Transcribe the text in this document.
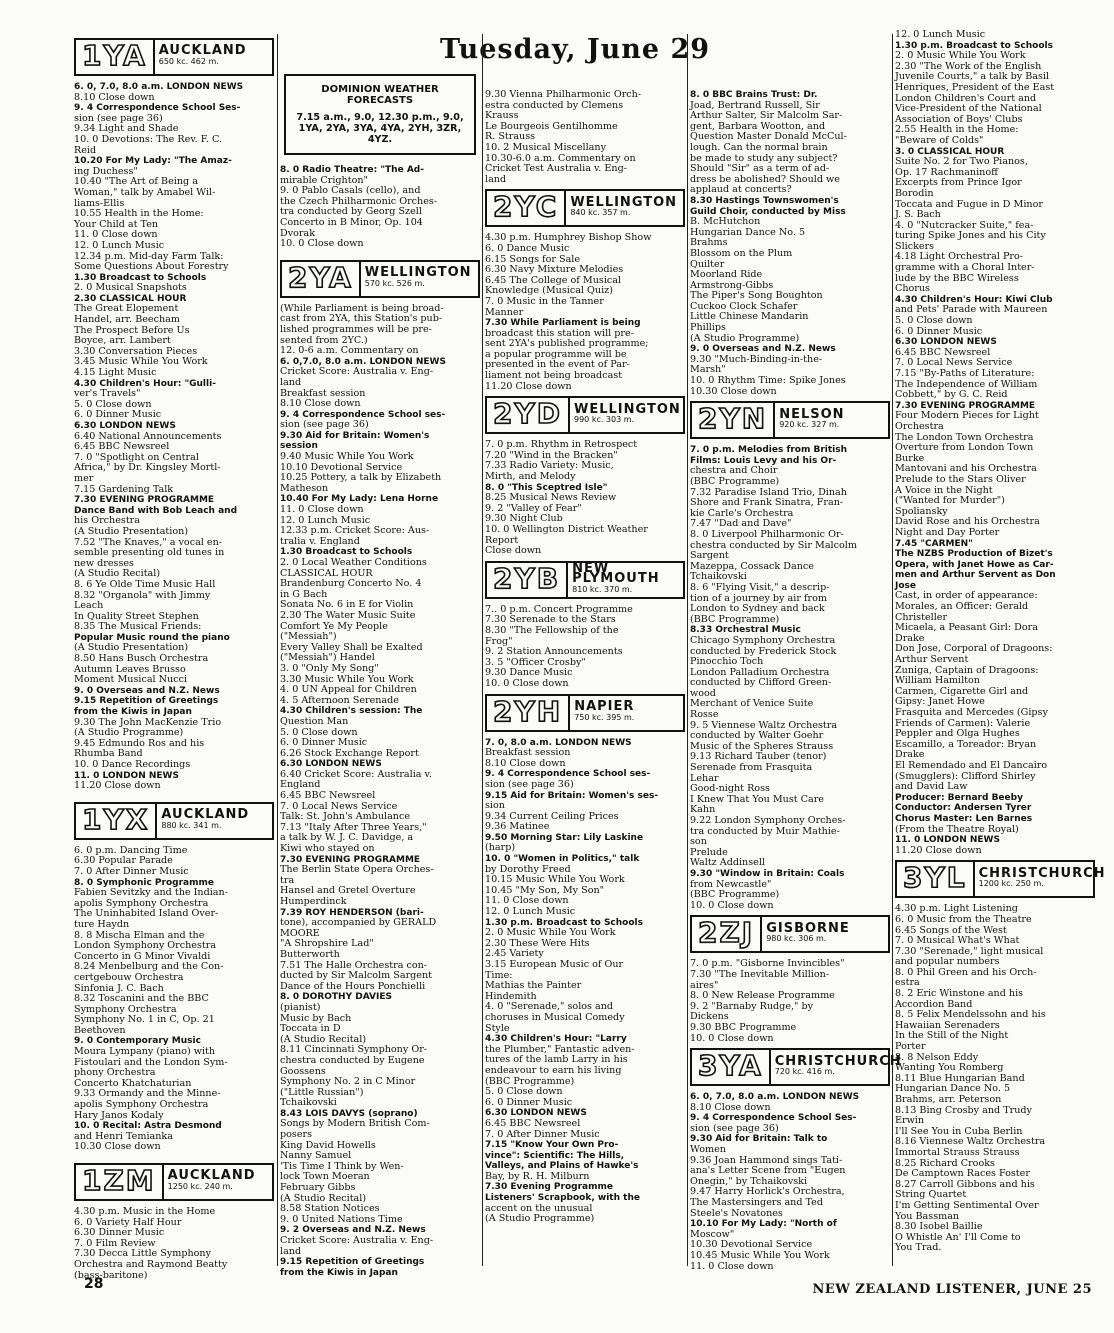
Tuesday, June 29
1YA AUCKLAND
650 kc. 462 m.
6. 0, 7.0, 8.0 a.m. LONDON NEWS
8.10 Close down
9. 4 Correspondence School Ses-
sion (see page 36)
9.34 Light and Shade
10. 0 Devotions: The Rev. F. C.
Reid
10.20 For My Lady: "The Amaz-
ing Duchess"
10.40 "The Art of Being a
Woman," talk by Amabel Wil-
liams-Ellis
10.55 Health in the Home:
Your Child at Ten
11. 0 Close down
12. 0 Lunch Music
12.34 p.m. Mid-day Farm Talk:
Some Questions About Forestry
1.30 Broadcast to Schools
2. 0 Musical Snapshots
2.30 CLASSICAL HOUR
The Great Elopement
Handel, arr. Beecham
The Prospect Before Us
Boyce, arr. Lambert
3.30 Conversation Pieces
3.45 Music While You Work
4.15 Light Music
4.30 Children's Hour: "Gulli-
ver's Travels"
5. 0 Close down
6. 0 Dinner Music
6.30 LONDON NEWS
6.40 National Announcements
6.45 BBC Newsreel
7. 0 "Spotlight on Central
Africa," by Dr. Kingsley Mortl-
mer
7.15 Gardening Talk
7.30 EVENING PROGRAMME
Dance Band with Bob Leach and
his Orchestra
(A Studio Presentation)
7.52 "The Knaves," a vocal en-
semble presenting old tunes in
new dresses
(A Studio Recital)
8. 6 Ye Olde Time Music Hall
8.32 "Organola" with Jimmy
Leach
In Quality Street Stephen
8.35 The Musical Friends:
Popular Music round the piano
(A Studio Presentation)
8.50 Hans Busch Orchestra
Autumn Leaves Brusso
Moment Musical Nucci
9. 0 Overseas and N.Z. News
9.15 Repetition of Greetings
from the Kiwis in Japan
9.30 The John MacKenzie Trio
(A Studio Programme)
9.45 Edmundo Ros and his
Rhumba Band
10. 0 Dance Recordings
11. 0 LONDON NEWS
11.20 Close down
1YX AUCKLAND
880 kc. 341 m.
6. 0 p.m. Dancing Time
6.30 Popular Parade
7. 0 After Dinner Music
8. 0 Symphonic Programme
Fabien Sevitzky and the Indian-
apolis Symphony Orchestra
The Uninhabited Island Over-
ture Haydn
8. 8 Mischa Elman and the
London Symphony Orchestra
Concerto in G Minor Vivaldi
8.24 Menbelburg and the Con-
certgebouw Orchestra
Sinfonia J. C. Bach
8.32 Toscanini and the BBC
Symphony Orchestra
Symphony No. 1 in C, Op. 21
Beethoven
9. 0 Contemporary Music
Moura Lympany (piano) with
Fistoulari and the London Sym-
phony Orchestra
Concerto Khatchaturian
9.33 Ormandy and the Minne-
apolis Symphony Orchestra
Hary Janos Kodaly
10. 0 Recital: Astra Desmond
and Henri Temianka
10.30 Close down
1ZM AUCKLAND
1250 kc. 240 m.
4.30 p.m. Music in the Home
6. 0 Variety Half Hour
6.30 Dinner Music
7. 0 Film Review
7.30 Decca Little Symphony
Orchestra and Raymond Beatty
(bass-baritone)
DOMINION WEATHER FORECASTS
7.15 a.m., 9.0, 12.30 p.m., 9.0, 1YA, 2YA, 3YA, 4YA, 2YH, 3ZR, 4YZ.
8. 0 Radio Theatre: "The Ad-
mirable Crighton"
9. 0 Pablo Casals (cello), and
the Czech Philharmonic Orches-
tra conducted by Georg Szell
Concerto in B Minor, Op. 104
Dvorak
10. 0 Close down
2YA WELLINGTON
570 kc. 526 m.
(While Parliament is being broad-
cast from 2YA, this Station's pub-
lished programmes will be pre-
sented from 2YC.)
12. 0-6 a.m. Commentary on
6. 0,7.0, 8.0 a.m. LONDON NEWS
Cricket Score: Australia v. Eng-
land
Breakfast session
8.10 Close down
9. 4 Correspondence School ses-
sion (see page 36)
9.30 Aid for Britain: Women's
session
9.40 Music While You Work
10.10 Devotional Service
10.25 Pottery, a talk by Elizabeth
Matheson
10.40 For My Lady: Lena Horne
11. 0 Close down
12. 0 Lunch Music
12.33 p.m. Cricket Score: Aus-
tralia v. England
1.30 Broadcast to Schools
2. 0 Local Weather Conditions
CLASSICAL HOUR
Brandenburg Concerto No. 4
in G Bach
Sonata No. 6 in E for Violin
2.30 The Water Music Suite
Comfort Ye My People
("Messiah")
Every Valley Shall be Exalted
("Messiah") Handel
3. 0 "Only My Song"
3.30 Music While You Work
4. 0 UN Appeal for Children
4. 5 Afternoon Serenade
4.30 Children's session: The
Question Man
5. 0 Close down
6. 0 Dinner Music
6.26 Stock Exchange Report
6.30 LONDON NEWS
6.40 Cricket Score: Australia v.
England
6.45 BBC Newsreel
7. 0 Local News Service
Talk: St. John's Ambulance
7.13 "Italy After Three Years,"
a talk by W. J. C. Davidge, a
Kiwi who stayed on
7.30 EVENING PROGRAMME
The Berlin State Opera Orches-
tra
Hansel and Gretel Overture
Humperdinck
7.39 ROY HENDERSON (bari-
tone), accompanied by GERALD
MOORE
"A Shropshire Lad"
Butterworth
7.51 The Halle Orchestra con-
ducted by Sir Malcolm Sargent
Dance of the Hours Ponchielli
8. 0 DOROTHY DAVIES
(pianist)
Music by Bach
Toccata in D
(A Studio Recital)
8.11 Cincinnati Symphony Or-
chestra conducted by Eugene
Goossens
Symphony No. 2 in C Minor
("Little Russian")
Tchaikovski
8.43 LOIS DAVYS (soprano)
Songs by Modern British Com-
posers
King David Howells
Nanny Samuel
'Tis Time I Think by Wen-
lock Town Moeran
February Gibbs
(A Studio Recital)
8.58 Station Notices
9. 0 United Nations Time
9. 2 Overseas and N.Z. News
Cricket Score: Australia v. Eng-
land
9.15 Repetition of Greetings
from the Kiwis in Japan
9.30 Vienna Philharmonic Orch-
estra conducted by Clemens
Krauss
Le Bourgeois Gentilhomme
R. Strauss
10. 2 Musical Miscellany
10.30-6.0 a.m. Commentary on
Cricket Test Australia v. Eng-
land
2YC WELLINGTON
840 kc. 357 m.
4.30 p.m. Humphrey Bishop Show
6. 0 Dance Music
6.15 Songs for Sale
6.30 Navy Mixture Melodies
6.45 The College of Musical
Knowledge (Musical Quiz)
7. 0 Music in the Tanner
Manner
7.30 While Parliament is being
broadcast this station will pre-
sent 2YA's published programme;
a popular programme will be
presented in the event of Par-
liament not being broadcast
11.20 Close down
2YD WELLINGTON
990 kc. 303 m.
7. 0 p.m. Rhythm in Retrospect
7.20 "Wind in the Bracken"
7.33 Radio Variety: Music,
Mirth, and Melody
8. 0 "This Sceptred Isle"
8.25 Musical News Review
9. 2 "Valley of Fear"
9.30 Night Club
10. 0 Wellington District Weather
Report
Close down
2YB NEW PLYMOUTH
810 kc. 370 m.
7.. 0 p.m. Concert Programme
7.30 Serenade to the Stars
8.30 "The Fellowship of the
Frog"
9. 2 Station Announcements
3. 5 "Officer Crosby"
9.30 Dance Music
10. 0 Close down
2YH NAPIER
750 kc. 395 m.
7. 0, 8.0 a.m. LONDON NEWS
Breakfast session
8.10 Close down
9. 4 Correspondence School ses-
sion (see page 36)
9.15 Aid for Britain: Women's ses-
sion
9.34 Current Ceiling Prices
9.36 Matinee
9.50 Morning Star: Lily Laskine
(harp)
10. 0 "Women in Politics," talk
by Dorothy Freed
10.15 Music While You Work
10.45 "My Son, My Son"
11. 0 Close down
12. 0 Lunch Music
1.30 p.m. Broadcast to Schools
2. 0 Music While You Work
2.30 These Were Hits
2.45 Variety
3.15 European Music of Our
Time:
Mathias the Painter
Hindemith
4. 0 "Serenade," solos and
choruses in Musical Comedy
Style
4.30 Children's Hour: "Larry
the Plumber," Fantastic adven-
tures of the lamb Larry in his
endeavour to earn his living
(BBC Programme)
5. 0 Close down
6. 0 Dinner Music
6.30 LONDON NEWS
6.45 BBC Newsreel
7. 0 After Dinner Music
7.15 "Know Your Own Pro-
vince": Scientific: The Hills,
Valleys, and Plains of Hawke's
Bay, by R. H. Milburn
7.30 Evening Programme
Listeners' Scrapbook, with the
accent on the unusual
(A Studio Programme)
8. 0 BBC Brains Trust: Dr.
Joad, Bertrand Russell, Sir
Arthur Salter, Sir Malcolm Sar-
gent, Barbara Wootton, and
Question Master Donald McCul-
lough. Can the normal brain
be made to study any subject?
Should "Sir" as a term of ad-
dress be abolished? Should we
applaud at concerts?
8.30 Hastings Townswomen's
Guild Choir, conducted by Miss
B. McHutchon
Hungarian Dance No. 5
Brahms
Blossom on the Plum
Quilter
Moorland Ride
Armstrong-Gibbs
The Piper's Song Boughton
Cuckoo Clock Schafer
Little Chinese Mandarin
Phillips
(A Studio Programme)
9. 0 Overseas and N.Z. News
9.30 "Much-Binding-in-the-
Marsh"
10. 0 Rhythm Time: Spike Jones
10.30 Close down
2YN NELSON
920 kc. 327 m.
7. 0 p.m. Melodies from British
Films: Louis Levy and his Or-
chestra and Choir
(BBC Programme)
7.32 Paradise Island Trio, Dinah
Shore and Frank Sinatra, Fran-
kie Carle's Orchestra
7.47 "Dad and Dave"
8. 0 Liverpool Philharmonic Or-
chestra conducted by Sir Malcolm
Sargent
Mazeppa, Cossack Dance
Tchaikovski
8. 6 "Flying Visit," a descrip-
tion of a journey by air from
London to Sydney and back
(BBC Programme)
8.33 Orchestral Music
Chicago Symphony Orchestra
conducted by Frederick Stock
Pinocchio Toch
London Palladium Orchestra
conducted by Clifford Green-
wood
Merchant of Venice Suite
Rosse
9. 5 Viennese Waltz Orchestra
conducted by Walter Goehr
Music of the Spheres Strauss
9.13 Richard Tauber (tenor)
Serenade from Frasquita
Lehar
Good-night Ross
I Knew That You Must Care
Kahn
9.22 London Symphony Orches-
tra conducted by Muir Mathie-
son
Prelude
Waltz Addinsell
9.30 "Window in Britain: Coals
from Newcastle"
(BBC Programme)
10. 0 Close down
2ZJ GISBORNE
980 kc. 306 m.
7. 0 p.m. "Gisborne Invincibles"
7.30 "The Inevitable Million-
aires"
8. 0 New Release Programme
9. 2 "Barnaby Rudge," by
Dickens
9.30 BBC Programme
10. 0 Close down
3YA CHRISTCHURCH
720 kc. 416 m.
6. 0, 7.0, 8.0 a.m. LONDON NEWS
8.10 Close down
9. 4 Correspondence School Ses-
sion (see page 36)
9.30 Aid for Britain: Talk to
Women
9.36 Joan Hammond sings Tati-
ana's Letter Scene from "Eugen
Onegin," by Tchaikovski
9.47 Harry Horlick's Orchestra,
The Mastersingers and Ted
Steele's Novatones
10.10 For My Lady: "North of
Moscow"
10.30 Devotional Service
10.45 Music While You Work
11. 0 Close down
12. 0 Lunch Music
1.30 p.m. Broadcast to Schools
2. 0 Music While You Work
2.30 "The Work of the English
Juvenile Courts," a talk by Basil
Henriques, President of the East
London Children's Court and
Vice-President of the National
Association of Boys' Clubs
2.55 Health in the Home:
"Beware of Colds"
3. 0 CLASSICAL HOUR
Suite No. 2 for Two Pianos,
Op. 17 Rachmaninoff
Excerpts from Prince Igor
Borodin
Toccata and Fugue in D Minor
J. S. Bach
4. 0 "Nutcracker Suite," fea-
turing Spike Jones and his City
Slickers
4.18 Light Orchestral Pro-
gramme with a Choral Inter-
lude by the BBC Wireless
Chorus
4.30 Children's Hour: Kiwi Club
and Pets' Parade with Maureen
5. 0 Close down
6. 0 Dinner Music
6.30 LONDON NEWS
6.45 BBC Newsreel
7. 0 Local News Service
7.15 "By-Paths of Literature:
The Independence of William
Cobbett," by G. C. Reid
7.30 EVENING PROGRAMME
Four Modern Pieces for Light
Orchestra
The London Town Orchestra
Overture from London Town
Burke
Mantovani and his Orchestra
Prelude to the Stars Oliver
A Voice in the Night
("Wanted for Murder")
Spoliansky
David Rose and his Orchestra
Night and Day Porter
7.45 "CARMEN"
The NZBS Production of Bizet's
Opera, with Janet Howe as Car-
men and Arthur Servent as Don
Jose
Cast, in order of appearance:
Morales, an Officer: Gerald
Christeller
Micaela, a Peasant Girl: Dora
Drake
Don Jose, Corporal of Dragoons:
Arthur Servent
Zuniga, Captain of Dragoons:
William Hamilton
Carmen, Cigarette Girl and
Gipsy: Janet Howe
Frasquita and Mercedes (Gipsy
Friends of Carmen): Valerie
Peppler and Olga Hughes
Escamillo, a Toreador: Bryan
Drake
El Remendado and El Dancairo
(Smugglers): Clifford Shirley
and David Law
Producer: Bernard Beeby
Conductor: Andersen Tyrer
Chorus Master: Len Barnes
(From the Theatre Royal)
11. 0 LONDON NEWS
11.20 Close down
3YL CHRISTCHURCH
1200 kc. 250 m.
4.30 p.m. Light Listening
6. 0 Music from the Theatre
6.45 Songs of the West
7. 0 Musical What's What
7.30 "Serenade," light musical
and popular numbers
8. 0 Phil Green and his Orch-
estra
8. 2 Eric Winstone and his
Accordion Band
8. 5 Felix Mendelssohn and his
Hawaiian Serenaders
In the Still of the Night
Porter
8. 8 Nelson Eddy
Wanting You Romberg
8.11 Blue Hungarian Band
Hungarian Dance No. 5
Brahms, arr. Peterson
8.13 Bing Crosby and Trudy
Erwin
I'll See You in Cuba Berlin
8.16 Viennese Waltz Orchestra
Immortal Strauss Strauss
8.25 Richard Crooks
De Camptown Races Foster
8.27 Carroll Gibbons and his
String Quartet
I'm Getting Sentimental Over
You Bassman
8.30 Isobel Baillie
O Whistle An' I'll Come to
You Trad.
28	NEW ZEALAND LISTENER, JUNE 25
